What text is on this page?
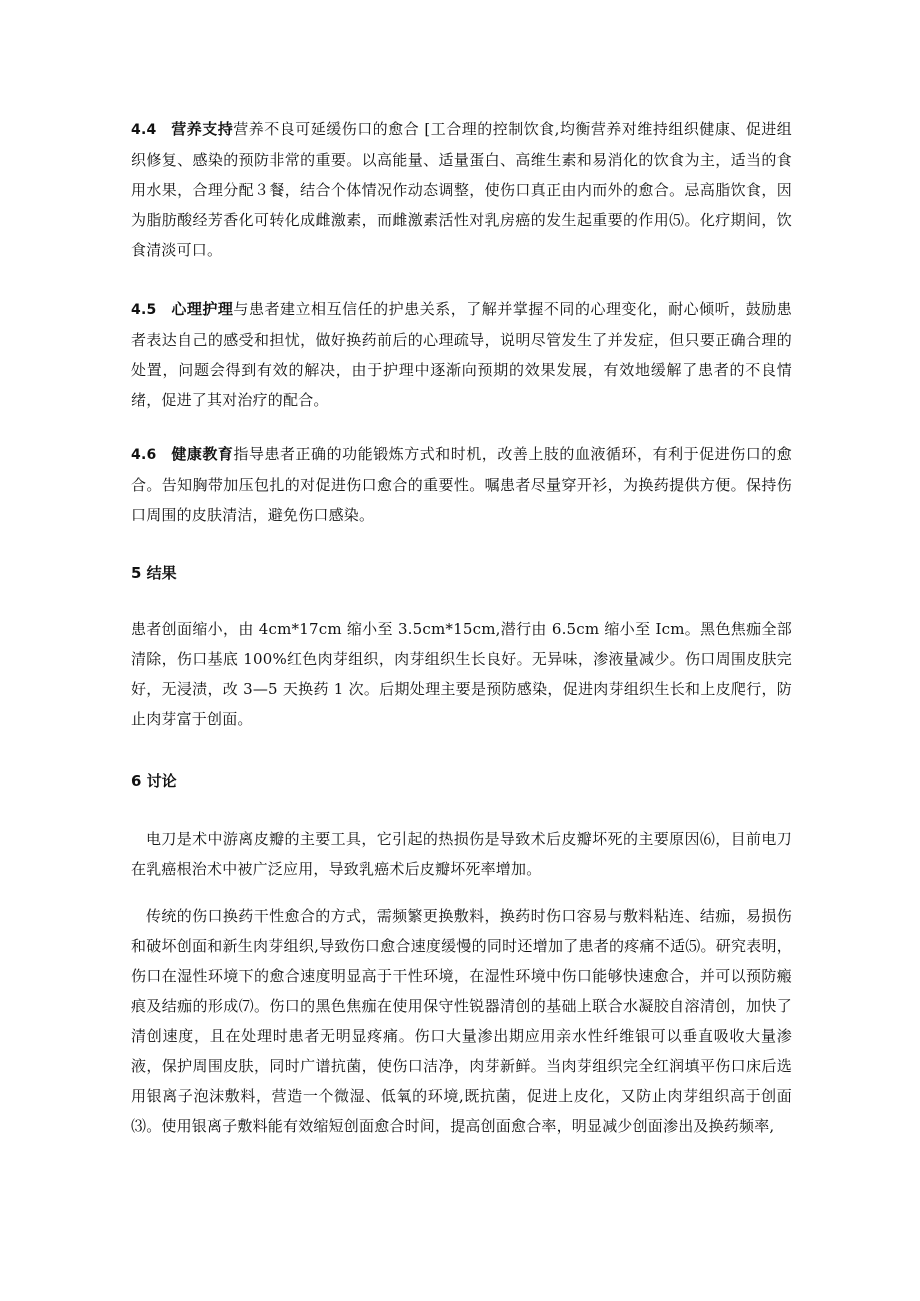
4.4 营养支持营养不良可延缓伤口的愈合 [工合理的控制饮食,均衡营养对维持组织健康、促进组织修复、感染的预防非常的重要。以高能量、适量蛋白、高维生素和易消化的饮食为主，适当的食用水果，合理分配３餐，结合个体情况作动态调整，使伤口真正由内而外的愈合。忌高脂饮食，因为脂肪酸经芳香化可转化成雌激素，而雌激素活性对乳房癌的发生起重要的作用⑸。化疗期间，饮食清淡可口。
4.5 心理护理与患者建立相互信任的护患关系，了解并掌握不同的心理变化，耐心倾听，鼓励患者表达自己的感受和担忧，做好换药前后的心理疏导，说明尽管发生了并发症，但只要正确合理的处置，问题会得到有效的解决，由于护理中逐渐向预期的效果发展，有效地缓解了患者的不良情绪，促进了其对治疗的配合。
4.6 健康教育指导患者正确的功能锻炼方式和时机，改善上肢的血液循环，有利于促进伤口的愈合。告知胸带加压包扎的对促进伤口愈合的重要性。嘱患者尽量穿开衫，为换药提供方便。保持伤口周围的皮肤清洁，避免伤口感染。
5 结果
患者创面缩小，由 4cm*17cm 缩小至 3.5cm*15cm,潜行由 6.5cm 缩小至 Icm。黑色焦痂全部清除，伤口基底 100%红色肉芽组织，肉芽组织生长良好。无异味，渗液量减少。伤口周围皮肤完好，无浸渍，改 3—5 天换药 1 次。后期处理主要是预防感染，促进肉芽组织生长和上皮爬行，防止肉芽富于创面。
6 讨论
电刀是术中游离皮瓣的主要工具，它引起的热损伤是导致术后皮瓣坏死的主要原因⑹，目前电刀在乳癌根治术中被广泛应用，导致乳癌术后皮瓣坏死率增加。
传统的伤口换药干性愈合的方式，需频繁更换敷料，换药时伤口容易与敷料粘连、结痂，易损伤和破坏创面和新生肉芽组织,导致伤口愈合速度缓慢的同时还增加了患者的疼痛不适⑸。研究表明，伤口在湿性环境下的愈合速度明显高于干性环境，在湿性环境中伤口能够快速愈合，并可以预防瘢痕及结痂的形成⑺。伤口的黑色焦痂在使用保守性锐器清创的基础上联合水凝胶自溶清创，加快了清创速度，且在处理时患者无明显疼痛。伤口大量渗出期应用亲水性纤维银可以垂直吸收大量渗液，保护周围皮肤，同时广谱抗菌，使伤口洁净，肉芽新鲜。当肉芽组织完全红润填平伤口床后选用银离子泡沫敷料，营造一个微湿、低氧的环境,既抗菌，促进上皮化，又防止肉芽组织高于创面⑶。使用银离子敷料能有效缩短创面愈合时间，提高创面愈合率，明显减少创面渗出及换药频率,
